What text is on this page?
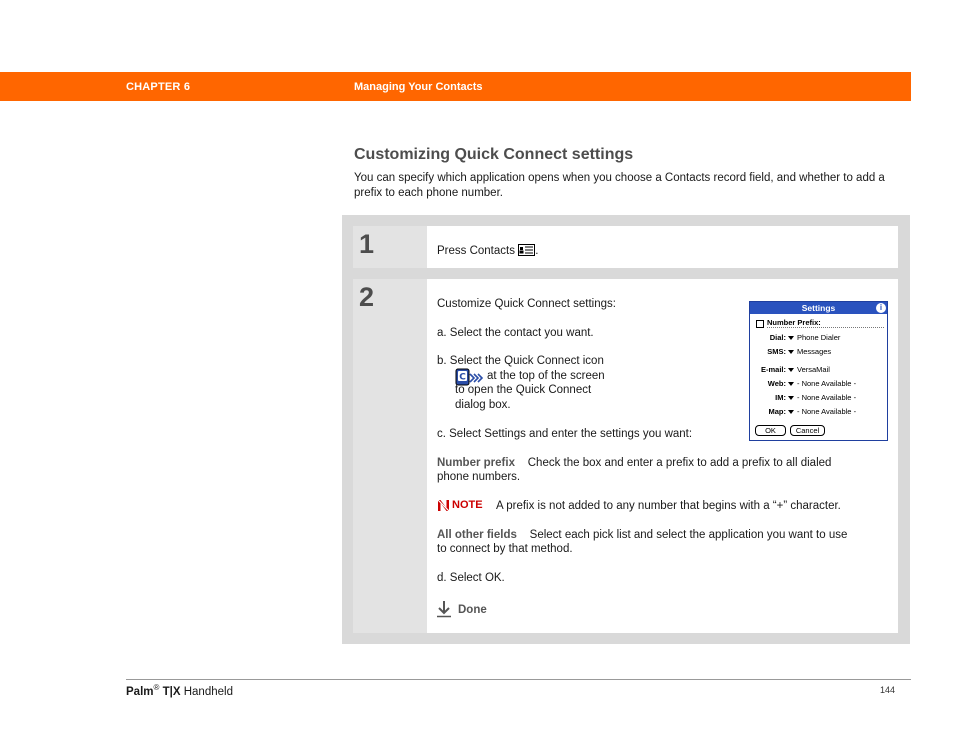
CHAPTER 6	Managing Your Contacts
Customizing Quick Connect settings
You can specify which application opens when you choose a Contacts record field, and whether to add a prefix to each phone number.
1
2
Press Contacts .
Customize Quick Connect settings:
a. Select the contact you want.
b. Select the Quick Connect icon
C at the top of the screen
to open the Quick Connect
dialog box.
c. Select Settings and enter the settings you want:
Number prefix Check the box and enter a prefix to add a prefix to all dialed
phone numbers.
NOTE A prefix is not added to any number that begins with a “+” character.
All other fields Select each pick list and select the application you want to use
to connect by that method.
d. Select OK.
Done
Settings	i
Number Prefix:
Dial:	Phone Dialer
SMS:	Messages
E-mail:	VersaMail
Web:	- None Available -
IM:	- None Available -
Map:	- None Available -
OK	Cancel
Palm® T|X Handheld	144
